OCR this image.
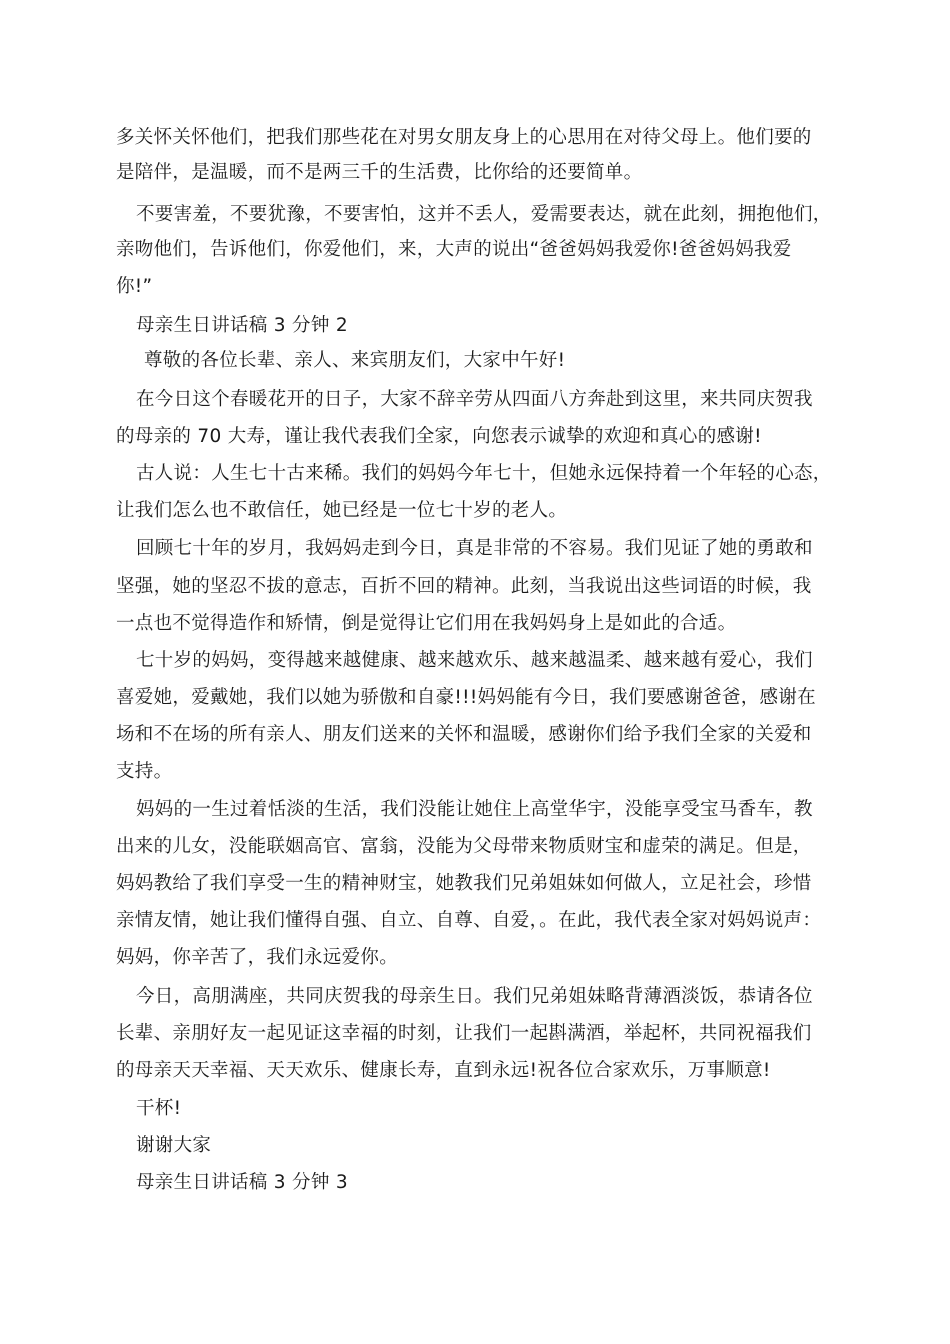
多关怀关怀他们，把我们那些花在对男女朋友身上的心思用在对待父母上。他们要的
是陪伴，是温暖，而不是两三千的生活费，比你给的还要简单。
不要害羞，不要犹豫，不要害怕，这并不丢人，爱需要表达，就在此刻，拥抱他们，
亲吻他们，告诉他们，你爱他们，来，大声的说出“爸爸妈妈我爱你!爸爸妈妈我爱
你!”
母亲生日讲话稿 3 分钟 2
尊敬的各位长辈、亲人、来宾朋友们，大家中午好!
在今日这个春暖花开的日子，大家不辞辛劳从四面八方奔赴到这里，来共同庆贺我
的母亲的 70 大寿，谨让我代表我们全家，向您表示诚挚的欢迎和真心的感谢!
古人说：人生七十古来稀。我们的妈妈今年七十，但她永远保持着一个年轻的心态，
让我们怎么也不敢信任，她已经是一位七十岁的老人。
回顾七十年的岁月，我妈妈走到今日，真是非常的不容易。我们见证了她的勇敢和
坚强，她的坚忍不拔的意志，百折不回的精神。此刻，当我说出这些词语的时候，我
一点也不觉得造作和矫情，倒是觉得让它们用在我妈妈身上是如此的合适。
七十岁的妈妈，变得越来越健康、越来越欢乐、越来越温柔、越来越有爱心，我们
喜爱她，爱戴她，我们以她为骄傲和自豪!!!妈妈能有今日，我们要感谢爸爸，感谢在
场和不在场的所有亲人、朋友们送来的关怀和温暖，感谢你们给予我们全家的关爱和
支持。
妈妈的一生过着恬淡的生活，我们没能让她住上高堂华宇，没能享受宝马香车，教
出来的儿女，没能联姻高官、富翁，没能为父母带来物质财宝和虚荣的满足。但是，
妈妈教给了我们享受一生的精神财宝，她教我们兄弟姐妹如何做人，立足社会，珍惜
亲情友情，她让我们懂得自强、自立、自尊、自爱，。在此，我代表全家对妈妈说声：
妈妈，你辛苦了，我们永远爱你。
今日，高朋满座，共同庆贺我的母亲生日。我们兄弟姐妹略背薄酒淡饭，恭请各位
长辈、亲朋好友一起见证这幸福的时刻，让我们一起斟满酒，举起杯，共同祝福我们
的母亲天天幸福、天天欢乐、健康长寿，直到永远!祝各位合家欢乐，万事顺意!
干杯!
谢谢大家
母亲生日讲话稿 3 分钟 3
